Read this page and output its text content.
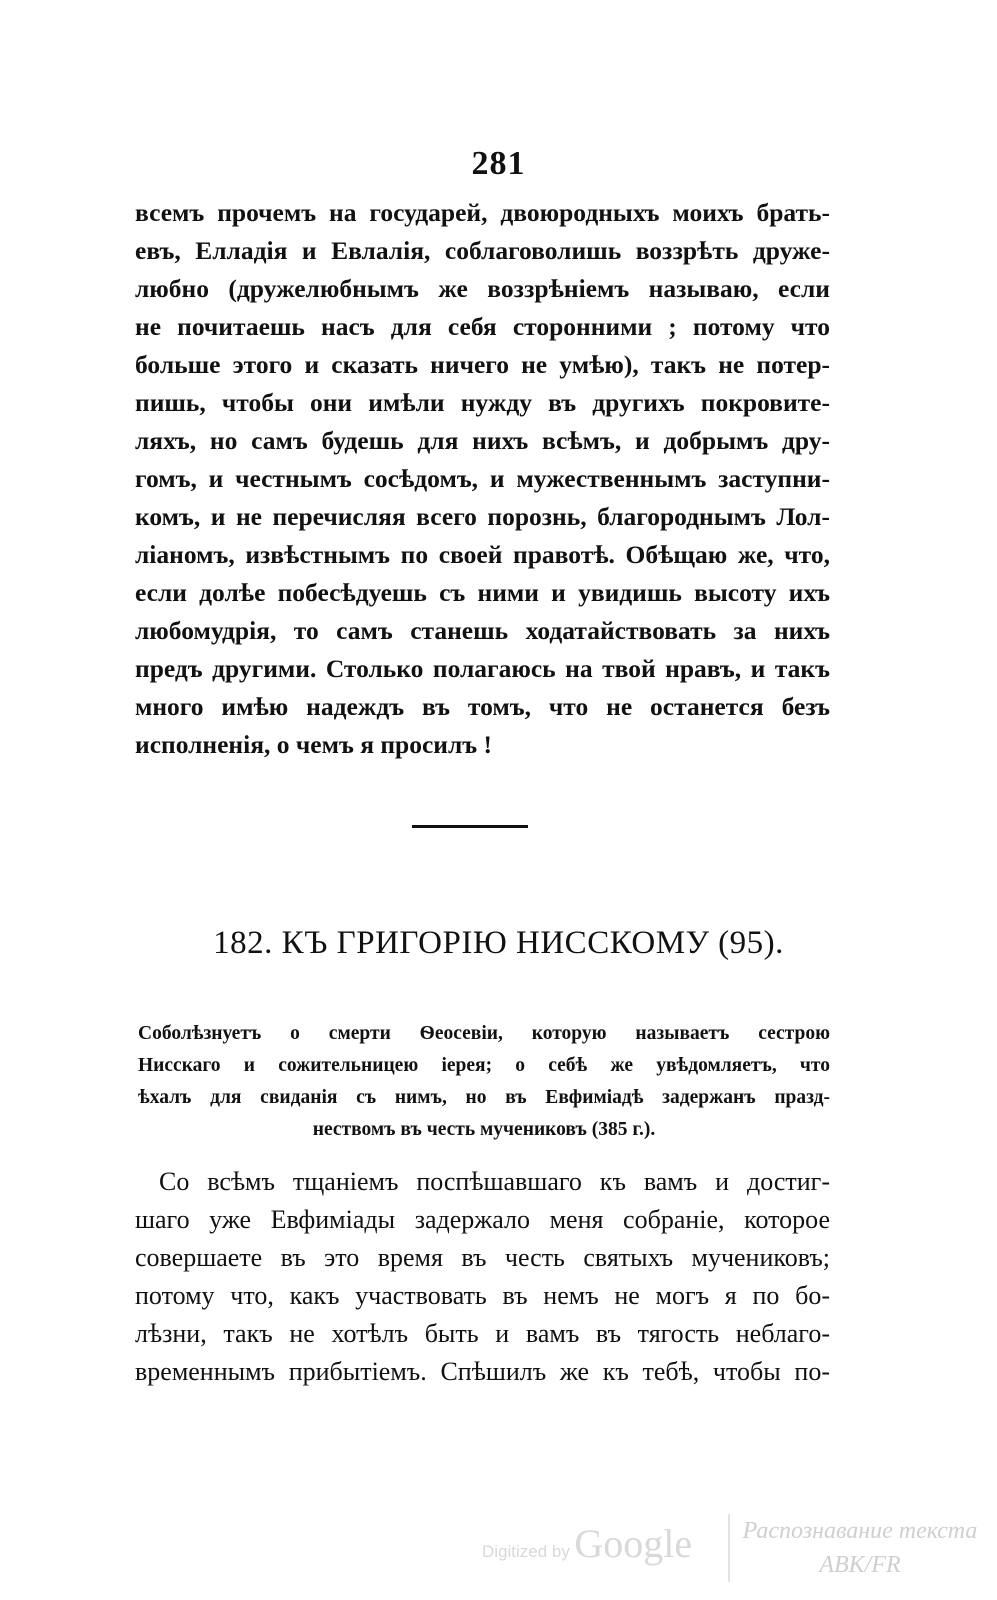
281
всемъ прочемъ на государей, двоюродныхъ моихъ брать-
евъ, Елладія и Евлалія, соблаговолишь воззрѣть друже-
любно (дружелюбнымъ же воззрѣніемъ называю, если
не почитаешь насъ для себя сторонними ; потому что
больше этого и сказать ничего не умѣю), такъ не потер-
пишь, чтобы они имѣли нужду въ другихъ покровите-
ляхъ, но самъ будешь для нихъ всѣмъ, и добрымъ дру-
гомъ, и честнымъ сосѣдомъ, и мужественнымъ заступни-
комъ, и не перечисляя всего порознь, благороднымъ Лол-
ліаномъ, извѣстнымъ по своей правотѣ. Обѣщаю же, что,
если долѣе побесѣдуешь съ ними и увидишь высоту ихъ
любомудрія, то самъ станешь ходатайствовать за нихъ
предъ другими. Столько полагаюсь на твой нравъ, и такъ
много имѣю надеждъ въ томъ, что не останется безъ
исполненія, о чемъ я просилъ !
182. КЪ ГРИГОРІЮ НИССКОМУ (95).
Соболѣзнуетъ о смерти Ѳеосевіи, которую называетъ сестрою
Нисскаго и сожительницею іерея; о себѣ же увѣдомляетъ, что
ѣхалъ для свиданія съ нимъ, но въ Евфиміадѣ задержанъ празд-
нествомъ въ честь мучениковъ (385 г.).
Со всѣмъ тщаніемъ поспѣшавшаго къ вамъ и достиг-
шаго уже Евфиміады задержало меня собраніе, которое
совершаете въ это время въ честь святыхъ мучениковъ;
потому что, какъ участвовать въ немъ не могъ я по бо-
лѣзни, такъ не хотѣлъ быть и вамъ въ тягость неблаго-
временнымъ прибытіемъ. Спѣшилъ же къ тебѣ, чтобы по-
Digitized by Google	Распознавание текста
ABK/FR
